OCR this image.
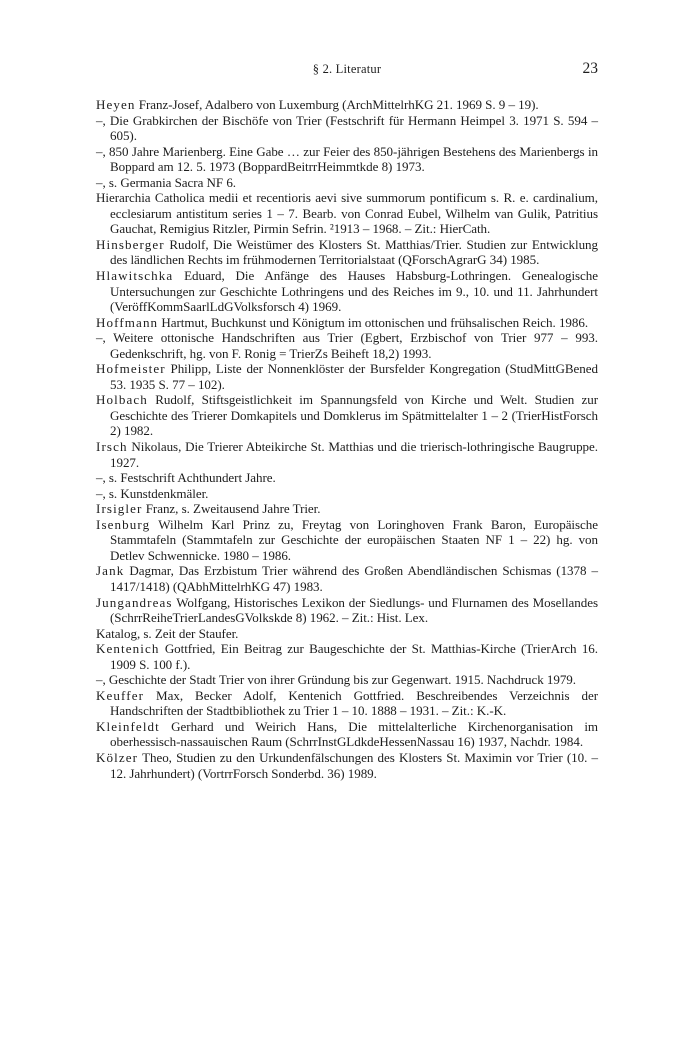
§ 2. Literatur	23
Heyen Franz-Josef, Adalbero von Luxemburg (ArchMittelrhKG 21. 1969 S. 9 – 19).
–, Die Grabkirchen der Bischöfe von Trier (Festschrift für Hermann Heimpel 3. 1971 S. 594 – 605).
–, 850 Jahre Marienberg. Eine Gabe … zur Feier des 850-jährigen Bestehens des Marienbergs in Boppard am 12. 5. 1973 (BoppardBeitrrHeimmtkde 8) 1973.
–, s. Germania Sacra NF 6.
Hierarchia Catholica medii et recentioris aevi sive summorum pontificum s. R. e. cardinalium, ecclesiarum antistitum series 1 – 7. Bearb. von Conrad Eubel, Wilhelm van Gulik, Patritius Gauchat, Remigius Ritzler, Pirmin Sefrin. ²1913 – 1968. – Zit.: HierCath.
Hinsberger Rudolf, Die Weistümer des Klosters St. Matthias/Trier. Studien zur Entwicklung des ländlichen Rechts im frühmodernen Territorialstaat (QForschAgrarG 34) 1985.
Hlawitschka Eduard, Die Anfänge des Hauses Habsburg-Lothringen. Genealogische Untersuchungen zur Geschichte Lothringens und des Reiches im 9., 10. und 11. Jahrhundert (VeröffKommSaarlLdGVolksforsch 4) 1969.
Hoffmann Hartmut, Buchkunst und Königtum im ottonischen und frühsalischen Reich. 1986.
–, Weitere ottonische Handschriften aus Trier (Egbert, Erzbischof von Trier 977 – 993. Gedenkschrift, hg. von F. Ronig = TrierZs Beiheft 18,2) 1993.
Hofmeister Philipp, Liste der Nonnenklöster der Bursfelder Kongregation (StudMittGBened 53. 1935 S. 77 – 102).
Holbach Rudolf, Stiftsgeistlichkeit im Spannungsfeld von Kirche und Welt. Studien zur Geschichte des Trierer Domkapitels und Domklerus im Spätmittelalter 1 – 2 (TrierHistForsch 2) 1982.
Irsch Nikolaus, Die Trierer Abteikirche St. Matthias und die trierisch-lothringische Baugruppe. 1927.
–, s. Festschrift Achthundert Jahre.
–, s. Kunstdenkmäler.
Irsigler Franz, s. Zweitausend Jahre Trier.
Isenburg Wilhelm Karl Prinz zu, Freytag von Loringhoven Frank Baron, Europäische Stammtafeln (Stammtafeln zur Geschichte der europäischen Staaten NF 1 – 22) hg. von Detlev Schwennicke. 1980 – 1986.
Jank Dagmar, Das Erzbistum Trier während des Großen Abendländischen Schismas (1378 – 1417/1418) (QAbhMittelrhKG 47) 1983.
Jungandreas Wolfgang, Historisches Lexikon der Siedlungs- und Flurnamen des Mosellandes (SchrrReiheTrierLandesGVolkskde 8) 1962. – Zit.: Hist. Lex.
Katalog, s. Zeit der Staufer.
Kentenich Gottfried, Ein Beitrag zur Baugeschichte der St. Matthias-Kirche (TrierArch 16. 1909 S. 100 f.).
–, Geschichte der Stadt Trier von ihrer Gründung bis zur Gegenwart. 1915. Nachdruck 1979.
Keuffer Max, Becker Adolf, Kentenich Gottfried. Beschreibendes Verzeichnis der Handschriften der Stadtbibliothek zu Trier 1 – 10. 1888 – 1931. – Zit.: K.-K.
Kleinfeldt Gerhard und Weirich Hans, Die mittelalterliche Kirchenorganisation im oberhessisch-nassauischen Raum (SchrrInstGLdkdeHessenNassau 16) 1937, Nachdr. 1984.
Kölzer Theo, Studien zu den Urkundenfälschungen des Klosters St. Maximin vor Trier (10. – 12. Jahrhundert) (VortrrForsch Sonderbd. 36) 1989.
